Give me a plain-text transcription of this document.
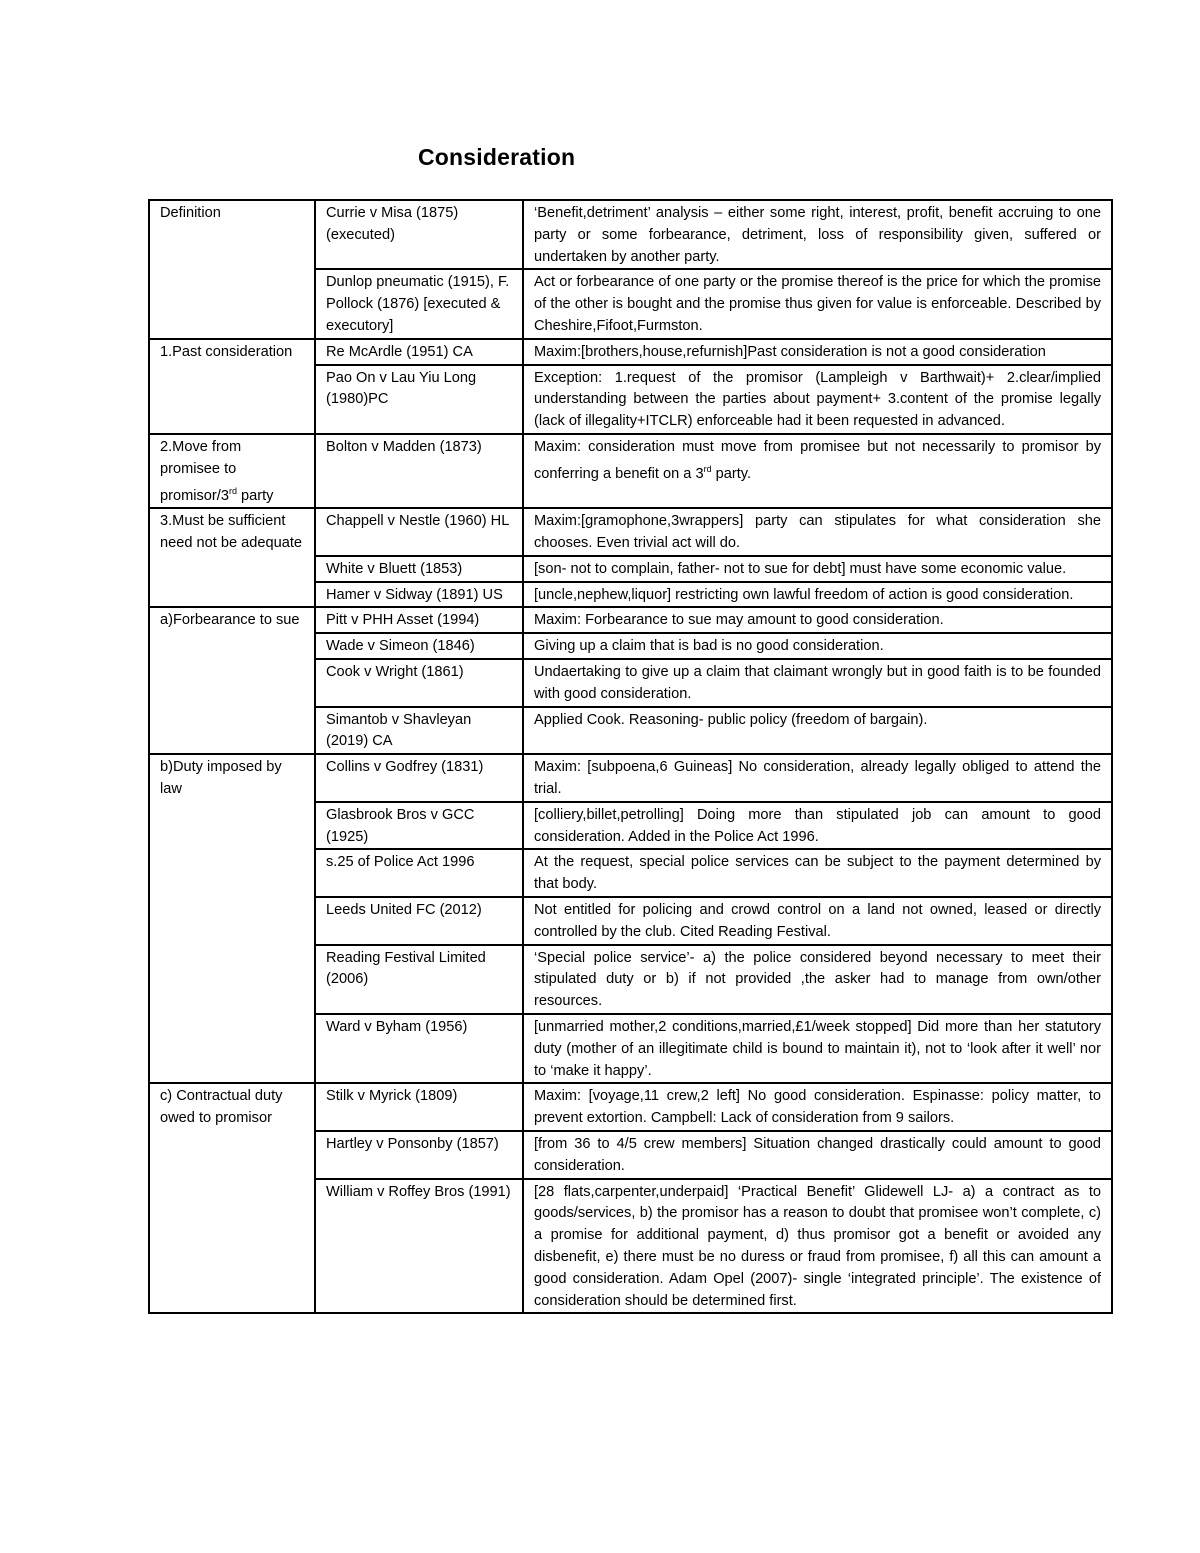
Consideration
Definition	Currie v Misa (1875) (executed)	‘Benefit,detriment’ analysis – either some right, interest, profit, benefit accruing to one party or some forbearance, detriment, loss of responsibility given, suffered or undertaken by another party.
	Dunlop pneumatic (1915), F. Pollock (1876) [executed & executory]	Act or forbearance of one party or the promise thereof is the price for which the promise of the other is bought and the promise thus given for value is enforceable. Described by Cheshire,Fifoot,Furmston.
1.Past consideration	Re McArdle (1951) CA	Maxim:[brothers,house,refurnish]Past consideration is not a good consideration
	Pao On v Lau Yiu Long (1980)PC	Exception: 1.request of the promisor (Lampleigh v Barthwait)+ 2.clear/implied understanding between the parties about payment+ 3.content of the promise legally (lack of illegality+ITCLR) enforceable had it been requested in advanced.
2.Move from promisee to promisor/3rd party	Bolton v Madden (1873)	Maxim: consideration must move from promisee but not necessarily to promisor by conferring a benefit on a 3rd party.
3.Must be sufficient need not be adequate	Chappell v Nestle (1960) HL	Maxim:[gramophone,3wrappers] party can stipulates for what consideration she chooses. Even trivial act will do.
	White v Bluett (1853)	[son- not to complain, father- not to sue for debt] must have some economic value.
	Hamer v Sidway (1891) US	[uncle,nephew,liquor] restricting own lawful freedom of action is good consideration.
a)Forbearance to sue	Pitt v PHH Asset (1994)	Maxim: Forbearance to sue may amount to good consideration.
	Wade v Simeon (1846)	Giving up a claim that is bad is no good consideration.
	Cook v Wright (1861)	Undaertaking to give up a claim that claimant wrongly but in good faith is to be founded with good consideration.
	Simantob v Shavleyan (2019) CA	Applied Cook. Reasoning- public policy (freedom of bargain).
b)Duty imposed by law	Collins v Godfrey (1831)	Maxim: [subpoena,6 Guineas] No consideration, already legally obliged to attend the trial.
	Glasbrook Bros v GCC (1925)	[colliery,billet,petrolling] Doing more than stipulated job can amount to good consideration. Added in the Police Act 1996.
	s.25 of Police Act 1996	At the request, special police services can be subject to the payment determined by that body.
	Leeds United FC (2012)	Not entitled for policing and crowd control on a land not owned, leased or directly controlled by the club. Cited Reading Festival.
	Reading Festival Limited (2006)	‘Special police service’- a) the police considered beyond necessary to meet their stipulated duty or b) if not provided ,the asker had to manage from own/other resources.
	Ward v Byham (1956)	[unmarried mother,2 conditions,married,£1/week stopped] Did more than her statutory duty (mother of an illegitimate child is bound to maintain it), not to ‘look after it well’ nor to ‘make it happy’.
c) Contractual duty owed to promisor	Stilk v Myrick (1809)	Maxim: [voyage,11 crew,2 left] No good consideration. Espinasse: policy matter, to prevent extortion. Campbell: Lack of consideration from 9 sailors.
	Hartley v Ponsonby (1857)	[from 36 to 4/5 crew members] Situation changed drastically could amount to good consideration.
	William v Roffey Bros (1991)	[28 flats,carpenter,underpaid] ‘Practical Benefit’ Glidewell LJ- a) a contract as to goods/services, b) the promisor has a reason to doubt that promisee won’t complete, c) a promise for additional payment, d) thus promisor got a benefit or avoided any disbenefit, e) there must be no duress or fraud from promisee, f) all this can amount a good consideration. Adam Opel (2007)- single ‘integrated principle’. The existence of consideration should be determined first.
